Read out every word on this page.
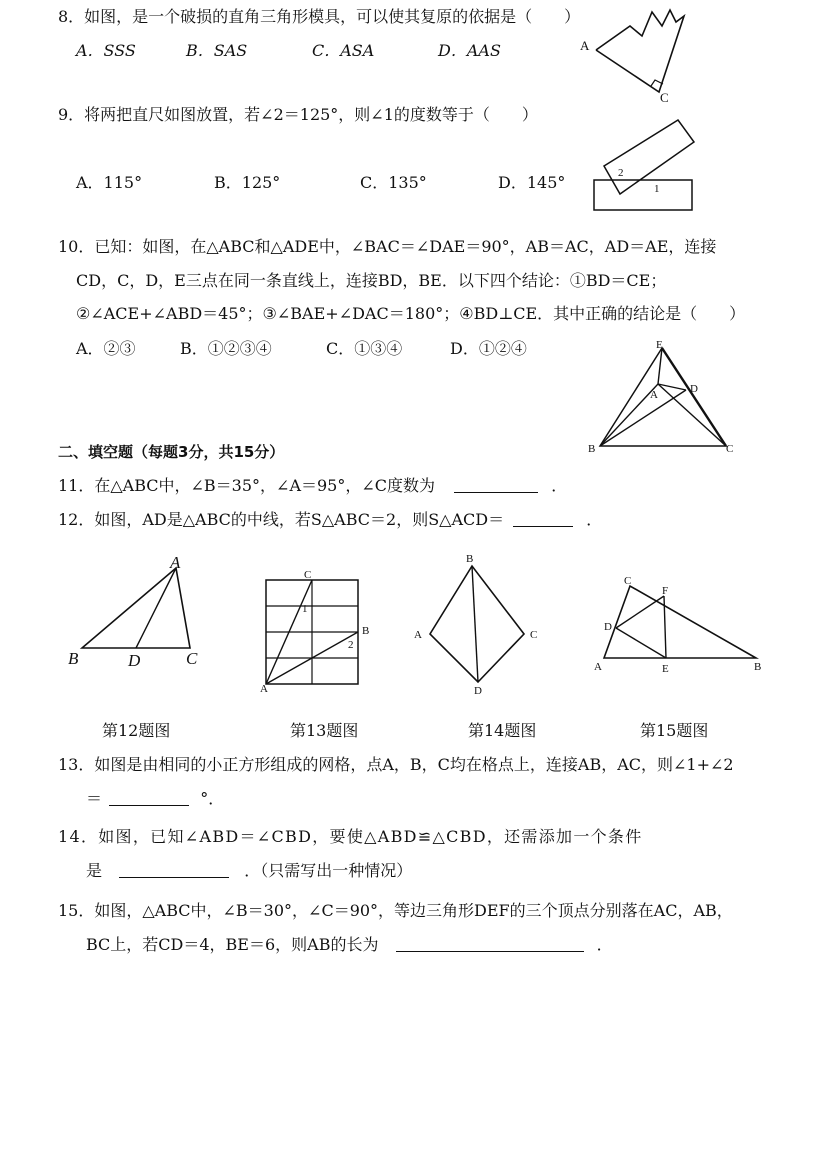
8．如图，是一个破损的直角三角形模具，可以使其复原的依据是（　　）
A．SSS	B．SAS	C．ASA	D．AAS	A
C
9．将两把直尺如图放置，若∠2＝125°，则∠1的度数等于（　　）
A．115°	B．125°	C．135°	D．145°	2
1
10．已知：如图，在△ABC和△ADE中，∠BAC＝∠DAE＝90°，AB＝AC，AD＝AE，连接
CD，C，D，E三点在同一条直线上，连接BD，BE．以下四个结论：①BD＝CE；
②∠ACE+∠ABD＝45°；③∠BAE+∠DAC＝180°；④BD⊥CE．其中正确的结论是（　　）
A．②③	B．①②③④	C．①③④	D．①②④	E
A	D
B	C
二、填空题（每题3分，共15分）
11．在△ABC中，∠B＝35°，∠A＝95°，∠C度数为	．
12．如图，AD是△ABC的中线，若S△ABC＝2，则S△ACD＝	．
A
B	D	C
第12题图
C
1
B
2
A
第13题图
B
A	C
D
第14题图
C
F
D
A	E	B
第15题图
13．如图是由相同的小正方形组成的网格，点A，B，C均在格点上，连接AB，AC，则∠1+∠2
＝	°．
14．如图，已知∠ABD＝∠CBD，要使△ABD≌△CBD，还需添加一个条件
是	．（只需写出一种情况）
15．如图，△ABC中，∠B＝30°，∠C＝90°，等边三角形DEF的三个顶点分别落在AC，AB，
BC上，若CD＝4，BE＝6，则AB的长为	．
